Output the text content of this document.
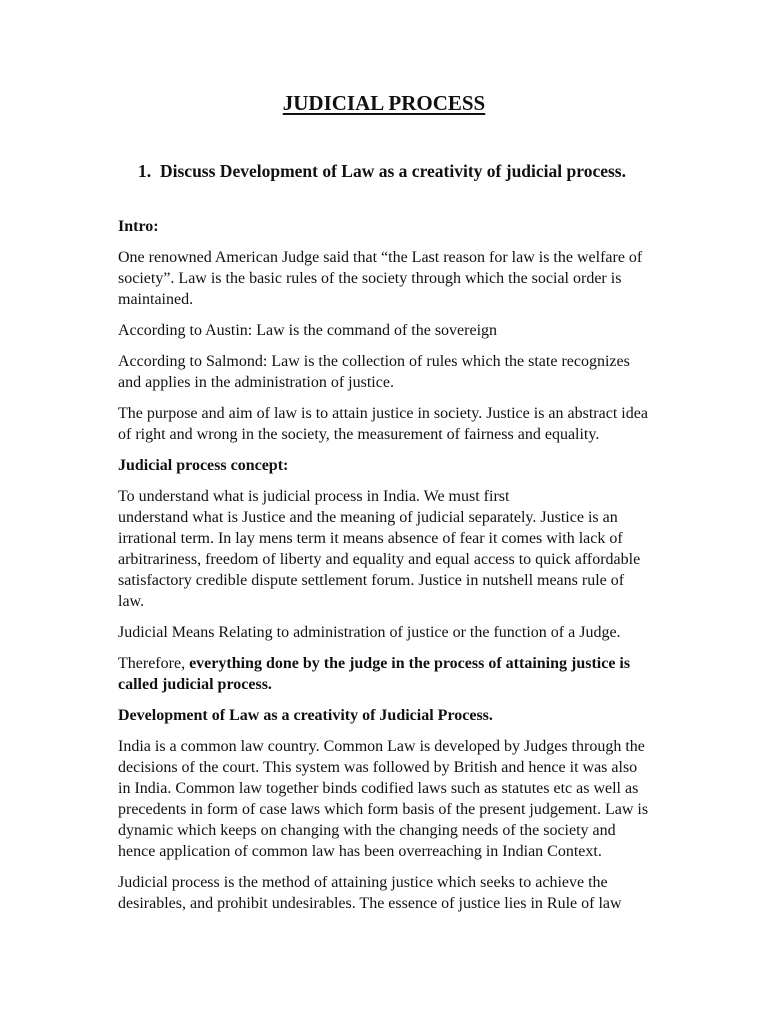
JUDICIAL PROCESS
1. Discuss Development of Law as a creativity of judicial process.

Intro:

One renowned American Judge said that “the Last reason for law is the welfare of society”. Law is the basic rules of the society through which the social order is maintained.

According to Austin: Law is the command of the sovereign

According to Salmond: Law is the collection of rules which the state recognizes and applies in the administration of justice.

The purpose and aim of law is to attain justice in society. Justice is an abstract idea of right and wrong in the society, the measurement of fairness and equality.

Judicial process concept:

To understand what is judicial process in India. We must first
understand what is Justice and the meaning of judicial separately. Justice is an irrational term. In lay mens term it means absence of fear it comes with lack of arbitrariness, freedom of liberty and equality and equal access to quick affordable satisfactory credible dispute settlement forum. Justice in nutshell means rule of law.

Judicial Means Relating to administration of justice or the function of a Judge.

Therefore, everything done by the judge in the process of attaining justice is called judicial process.

Development of Law as a creativity of Judicial Process.

India is a common law country. Common Law is developed by Judges through the decisions of the court. This system was followed by British and hence it was also in India. Common law together binds codified laws such as statutes etc as well as precedents in form of case laws which form basis of the present judgement. Law is dynamic which keeps on changing with the changing needs of the society and hence application of common law has been overreaching in Indian Context.

Judicial process is the method of attaining justice which seeks to achieve the desirables, and prohibit undesirables. The essence of justice lies in Rule of law
